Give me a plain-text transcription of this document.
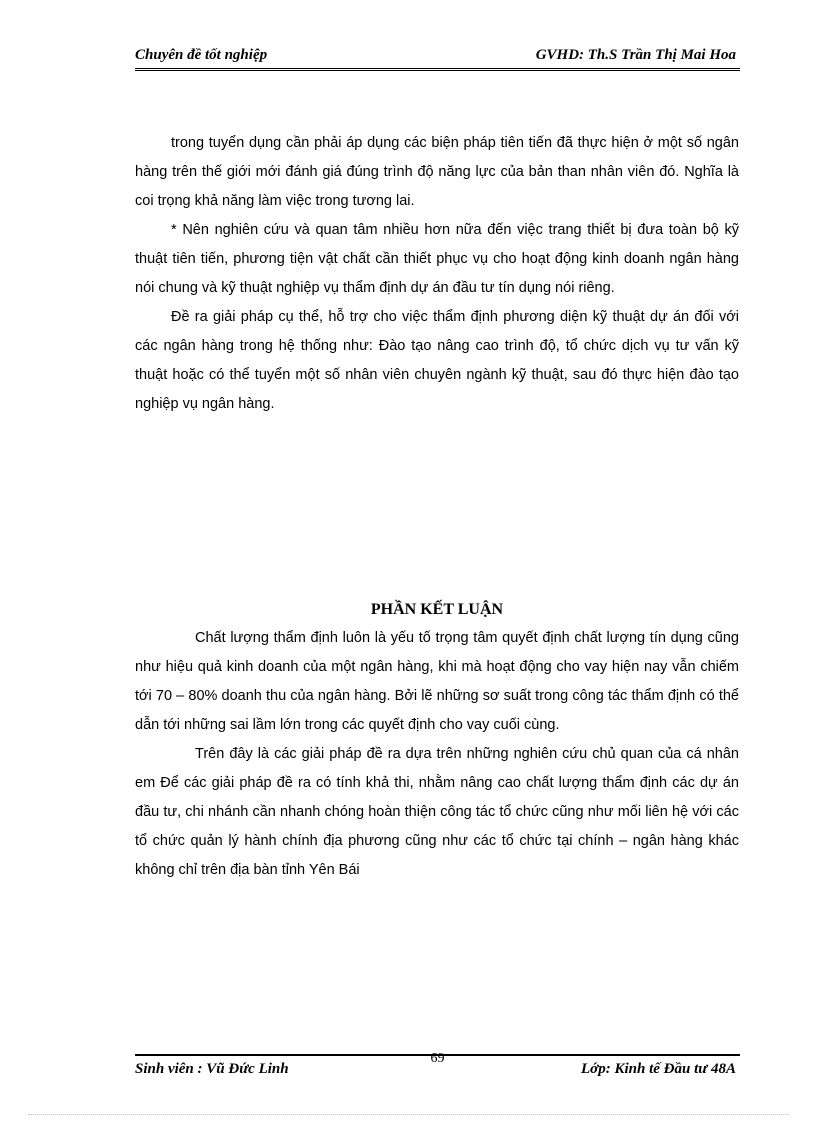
Chuyên đề tốt nghiệp	GVHD: Th.S Trần Thị Mai Hoa

trong tuyển dụng cần phải áp dụng các biện pháp tiên tiến đã thực hiện ở một số ngân hàng trên thế giới mới đánh giá đúng trình độ năng lực của bản than nhân viên đó. Nghĩa là coi trọng khả năng làm việc trong tương lai.

* Nên nghiên cứu và quan tâm nhiều hơn nữa đến việc trang thiết bị đưa toàn bộ kỹ thuật tiên tiến, phương tiện vật chất cần thiết phục vụ cho hoạt động kinh doanh ngân hàng nói chung và kỹ thuật nghiệp vụ thẩm định dự án đầu tư tín dụng nói riêng.

Đề ra giải pháp cụ thể, hỗ trợ cho việc thẩm định phương diện kỹ thuật dự án đối với các ngân hàng trong hệ thống như: Đào tạo nâng cao trình độ, tổ chức dịch vụ tư vấn kỹ thuật hoặc có thể tuyển một số nhân viên chuyên ngành kỹ thuật, sau đó thực hiện đào tạo nghiệp vụ ngân hàng.

PHẦN KẾT LUẬN

Chất lượng thẩm định luôn là yếu tố trọng tâm quyết định chất lượng tín dụng cũng như hiệu quả kinh doanh của một ngân hàng, khi mà hoạt động cho vay hiện nay vẫn chiếm tới 70 – 80% doanh thu của ngân hàng. Bởi lẽ những sơ suất trong công tác thẩm định có thể dẫn tới những sai lầm lớn trong các quyết định cho vay cuối cùng.

Trên đây là các giải pháp đề ra dựa trên những nghiên cứu chủ quan của cá nhân em Để các giải pháp đề ra có tính khả thi, nhằm nâng cao chất lượng thẩm định các dự án đầu tư, chi nhánh cần nhanh chóng hoàn thiện công tác tổ chức cũng như mối liên hệ với các tổ chức quản lý hành chính địa phương cũng như các tổ chức tại chính – ngân hàng khác không chỉ trên địa bàn tỉnh Yên Bái

Sinh viên : Vũ Đức Linh
69
Lớp: Kinh tế Đầu tư 48A
